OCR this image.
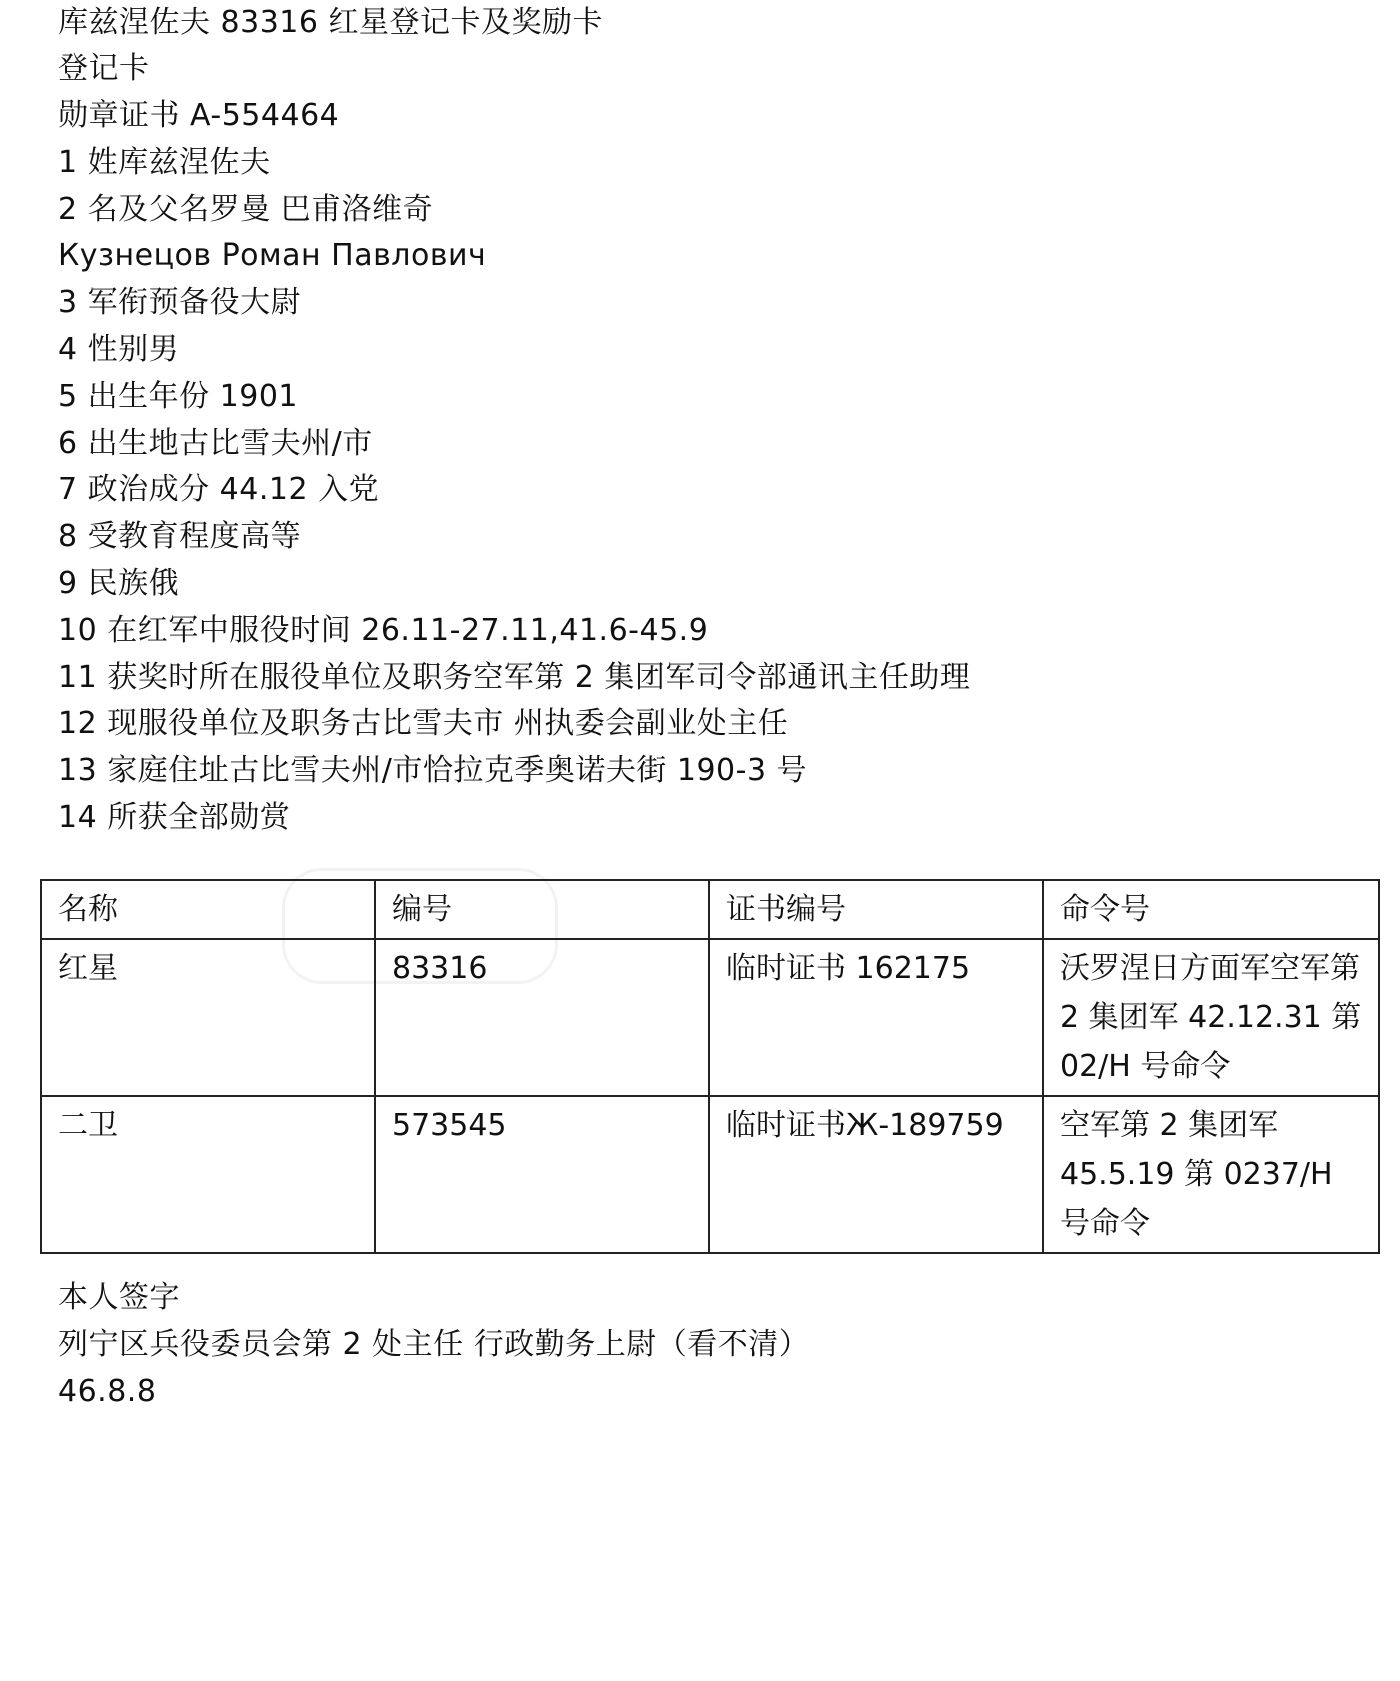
库兹涅佐夫 83316 红星登记卡及奖励卡
登记卡
勋章证书 A-554464
1 姓库兹涅佐夫
2 名及父名罗曼 巴甫洛维奇
Кузнецов Роман Павлович
3 军衔预备役大尉
4 性别男
5 出生年份 1901
6 出生地古比雪夫州/市
7 政治成分 44.12 入党
8 受教育程度高等
9 民族俄
10 在红军中服役时间 26.11-27.11,41.6-45.9
11 获奖时所在服役单位及职务空军第 2 集团军司令部通讯主任助理
12 现服役单位及职务古比雪夫市 州执委会副业处主任
13 家庭住址古比雪夫州/市恰拉克季奥诺夫街 190-3 号
14 所获全部勋赏
名称	编号	证书编号	命令号
红星	83316	临时证书 162175	沃罗涅日方面军空军第 2 集团军 42.12.31 第 02/H 号命令
二卫	573545	临时证书Ж-189759	空军第 2 集团军 45.5.19 第 0237/H 号命令
本人签字
列宁区兵役委员会第 2 处主任 行政勤务上尉（看不清）
46.8.8
